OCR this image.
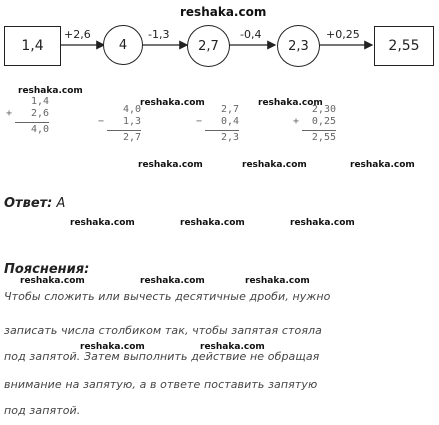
reshaka.com
1,4	4	2,7	2,3	2,55
+2,6	-1,3	-0,4	+0,25
1,4
+	2,6
4,0
4,0
−	1,3
2,7
2,7
−	0,4
2,3
2,30
+	0,25
2,55
reshaka.com
reshaka.com	reshaka.com
reshaka.com	reshaka.com	reshaka.com
reshaka.com	reshaka.com	reshaka.com
reshaka.com	reshaka.com	reshaka.com
reshaka.com	reshaka.com
Ответ: А
Пояснения:
Чтобы сложить или вычесть десятичные дроби, нужно
записать числа столбиком так, чтобы запятая стояла
под запятой. Затем выполнить действие не обращая
внимание на запятую, а в ответе поставить запятую
под запятой.
